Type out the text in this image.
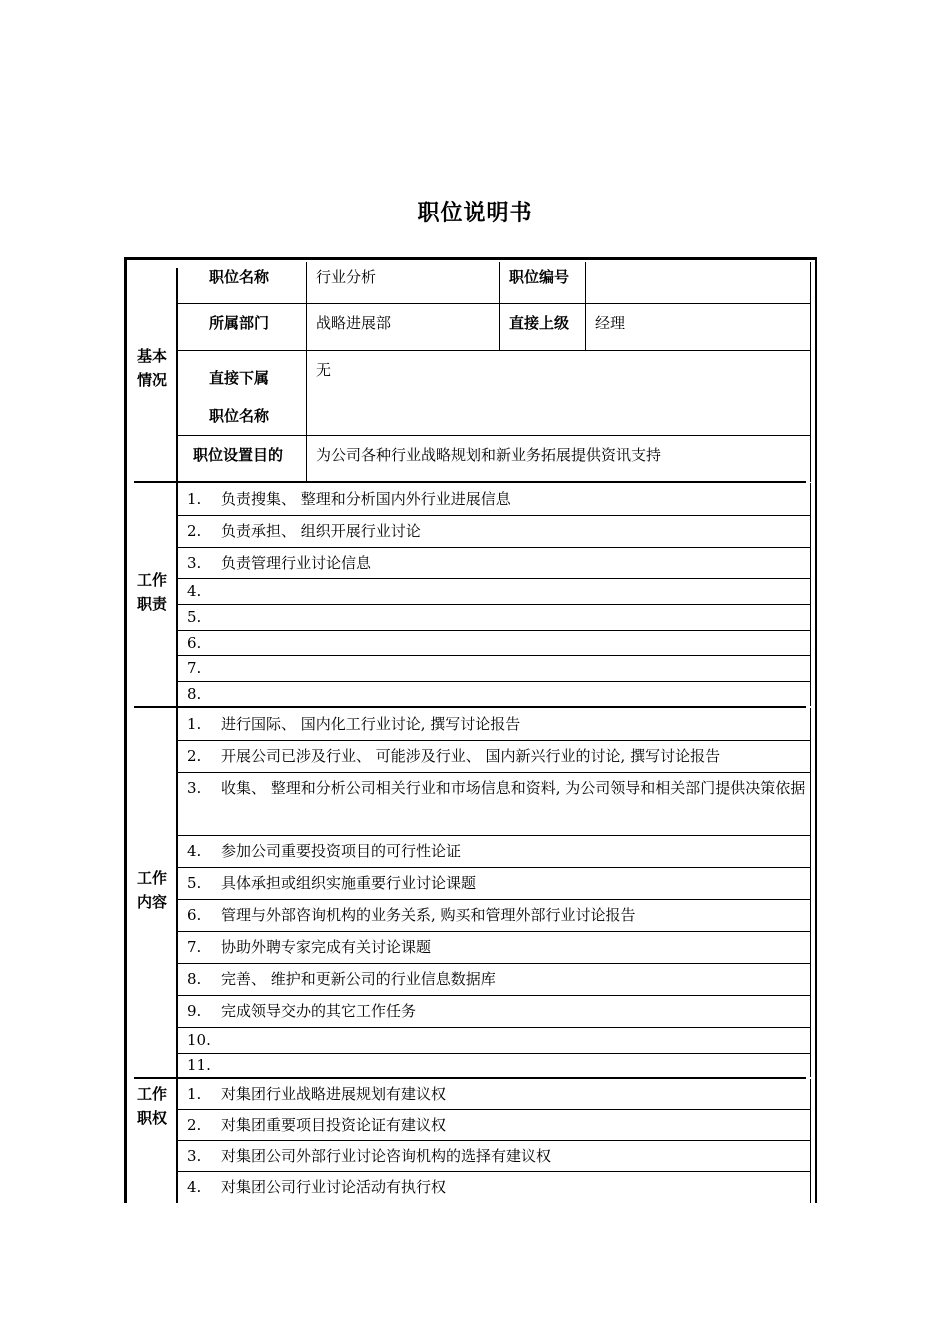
职位说明书
基本
情况
职位名称	行业分析	职位编号
所属部门	战略进展部	直接上级 经理
直接下属
职位名称
无
职位设置目的 为公司各种行业战略规划和新业务拓展提供资讯支持
工作
职责
1. 负责搜集、 整理和分析国内外行业进展信息
2. 负责承担、 组织开展行业讨论
3. 负责管理行业讨论信息
4.
5.
6.
7.
8.
工作
内容
1. 进行国际、 国内化工行业讨论, 撰写讨论报告
2. 开展公司已涉及行业、 可能涉及行业、 国内新兴行业的讨论, 撰写讨论报告
3. 收集、 整理和分析公司相关行业和市场信息和资料, 为公司领导和相关部门提供决策依据
4. 参加公司重要投资项目的可行性论证
5. 具体承担或组织实施重要行业讨论课题
6. 管理与外部咨询机构的业务关系, 购买和管理外部行业讨论报告
7. 协助外聘专家完成有关讨论课题
8. 完善、 维护和更新公司的行业信息数据库
9. 完成领导交办的其它工作任务
10.
11.
工作
职权
1. 对集团行业战略进展规划有建议权
2. 对集团重要项目投资论证有建议权
3. 对集团公司外部行业讨论咨询机构的选择有建议权
4. 对集团公司行业讨论活动有执行权
